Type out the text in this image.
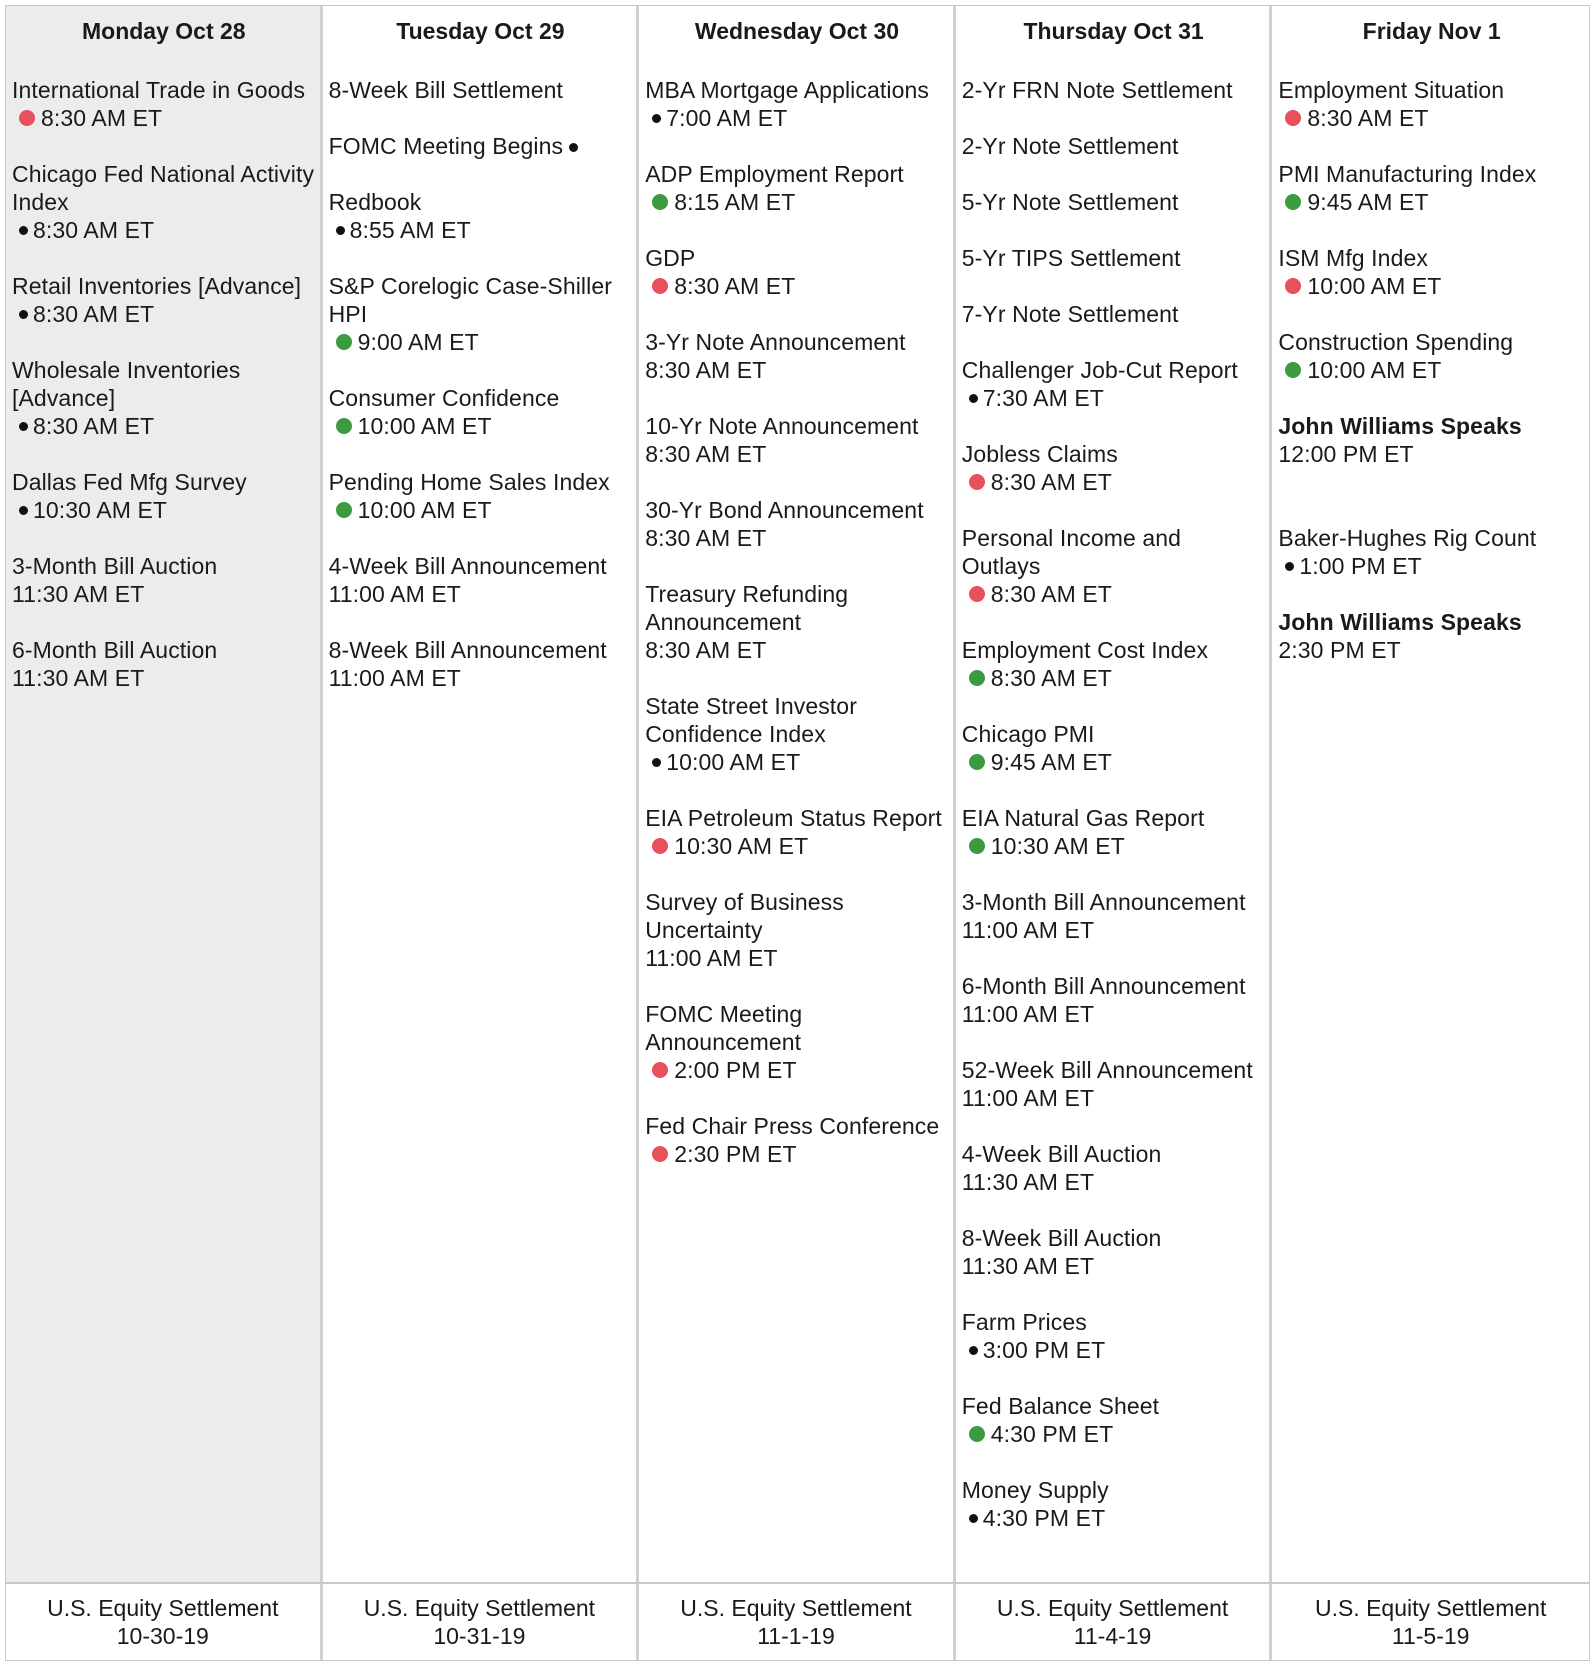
Monday Oct 28
International Trade in Goods
8:30 AM ET
Chicago Fed National Activity Index
8:30 AM ET
Retail Inventories [Advance]
8:30 AM ET
Wholesale Inventories [Advance]
8:30 AM ET
Dallas Fed Mfg Survey
10:30 AM ET
3-Month Bill Auction
11:30 AM ET
6-Month Bill Auction
11:30 AM ET
Tuesday Oct 29
8-Week Bill Settlement
FOMC Meeting Begins
Redbook
8:55 AM ET
S&P Corelogic Case-Shiller HPI
9:00 AM ET
Consumer Confidence
10:00 AM ET
Pending Home Sales Index
10:00 AM ET
4-Week Bill Announcement
11:00 AM ET
8-Week Bill Announcement
11:00 AM ET
Wednesday Oct 30
MBA Mortgage Applications
7:00 AM ET
ADP Employment Report
8:15 AM ET
GDP
8:30 AM ET
3-Yr Note Announcement
8:30 AM ET
10-Yr Note Announcement
8:30 AM ET
30-Yr Bond Announcement
8:30 AM ET
Treasury Refunding Announcement
8:30 AM ET
State Street Investor Confidence Index
10:00 AM ET
EIA Petroleum Status Report
10:30 AM ET
Survey of Business Uncertainty
11:00 AM ET
FOMC Meeting Announcement
2:00 PM ET
Fed Chair Press Conference
2:30 PM ET
Thursday Oct 31
2-Yr FRN Note Settlement
2-Yr Note Settlement
5-Yr Note Settlement
5-Yr TIPS Settlement
7-Yr Note Settlement
Challenger Job-Cut Report
7:30 AM ET
Jobless Claims
8:30 AM ET
Personal Income and Outlays
8:30 AM ET
Employment Cost Index
8:30 AM ET
Chicago PMI
9:45 AM ET
EIA Natural Gas Report
10:30 AM ET
3-Month Bill Announcement
11:00 AM ET
6-Month Bill Announcement
11:00 AM ET
52-Week Bill Announcement
11:00 AM ET
4-Week Bill Auction
11:30 AM ET
8-Week Bill Auction
11:30 AM ET
Farm Prices
3:00 PM ET
Fed Balance Sheet
4:30 PM ET
Money Supply
4:30 PM ET
Friday Nov 1
Employment Situation
8:30 AM ET
PMI Manufacturing Index
9:45 AM ET
ISM Mfg Index
10:00 AM ET
Construction Spending
10:00 AM ET
John Williams Speaks
12:00 PM ET
Baker-Hughes Rig Count
1:00 PM ET
John Williams Speaks
2:30 PM ET
U.S. Equity Settlement
10-30-19
U.S. Equity Settlement
10-31-19
U.S. Equity Settlement
11-1-19
U.S. Equity Settlement
11-4-19
U.S. Equity Settlement
11-5-19
